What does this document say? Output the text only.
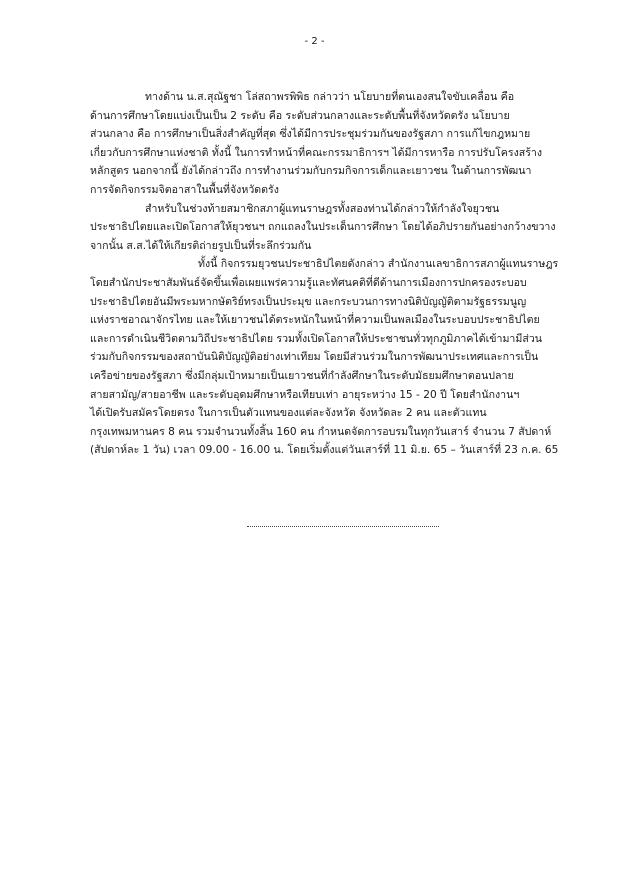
- 2 -

ทางด้าน น.ส.สุณัฐชา โล่สถาพรพิพิธ กล่าวว่า นโยบายที่ตนเองสนใจขับเคลื่อน คือ
ด้านการศึกษาโดยแบ่งเป็นเป็น 2 ระดับ คือ ระดับส่วนกลางและระดับพื้นที่จังหวัดตรัง นโยบาย
ส่วนกลาง คือ การศึกษาเป็นสิ่งสำคัญที่สุด ซึ่งได้มีการประชุมร่วมกันของรัฐสภา การแก้ไขกฎหมาย
เกี่ยวกับการศึกษาแห่งชาติ ทั้งนี้ ในการทำหน้าที่คณะกรรมาธิการฯ ได้มีการหารือ การปรับโครงสร้าง
หลักสูตร นอกจากนี้ ยังได้กล่าวถึง การทำงานร่วมกับกรมกิจการเด็กและเยาวชน ในด้านการพัฒนา
การจัดกิจกรรมจิตอาสาในพื้นที่จังหวัดตรัง

สำหรับในช่วงท้ายสมาชิกสภาผู้แทนราษฎรทั้งสองท่านได้กล่าวให้กำลังใจยุวชน
ประชาธิปไตยและเปิดโอกาสให้ยุวชนฯ ถกแถลงในประเด็นการศึกษา โดยได้อภิปรายกันอย่างกว้างขวาง
จากนั้น ส.ส.ได้ให้เกียรติถ่ายรูปเป็นที่ระลึกร่วมกัน

ทั้งนี้ กิจกรรมยุวชนประชาธิปไตยดังกล่าว สำนักงานเลขาธิการสภาผู้แทนราษฎร
โดยสำนักประชาสัมพันธ์จัดขึ้นเพื่อเผยแพร่ความรู้และทัศนคติที่ดีด้านการเมืองการปกครองระบอบ
ประชาธิปไตยอันมีพระมหากษัตริย์ทรงเป็นประมุข และกระบวนการทางนิติบัญญัติตามรัฐธรรมนูญ
แห่งราชอาณาจักรไทย และให้เยาวชนได้ตระหนักในหน้าที่ความเป็นพลเมืองในระบอบประชาธิปไตย
และการดำเนินชีวิตตามวิถีประชาธิปไตย รวมทั้งเปิดโอกาสให้ประชาชนทั่วทุกภูมิภาคได้เข้ามามีส่วน
ร่วมกับกิจกรรมของสถาบันนิติบัญญัติอย่างเท่าเทียม โดยมีส่วนร่วมในการพัฒนาประเทศและการเป็น
เครือข่ายของรัฐสภา ซึ่งมีกลุ่มเป้าหมายเป็นเยาวชนที่กำลังศึกษาในระดับมัธยมศึกษาตอนปลาย
สายสามัญ/สายอาชีพ และระดับอุดมศึกษาหรือเทียบเท่า อายุระหว่าง 15 - 20 ปี โดยสำนักงานฯ
ได้เปิดรับสมัครโดยตรง ในการเป็นตัวแทนของแต่ละจังหวัด จังหวัดละ 2 คน และตัวแทน
กรุงเทพมหานคร 8 คน รวมจำนวนทั้งสิ้น 160 คน กำหนดจัดการอบรมในทุกวันเสาร์ จำนวน 7 สัปดาห์
(สัปดาห์ละ 1 วัน) เวลา 09.00 - 16.00 น. โดยเริ่มตั้งแต่วันเสาร์ที่ 11 มิ.ย. 65 – วันเสาร์ที่ 23 ก.ค. 65
